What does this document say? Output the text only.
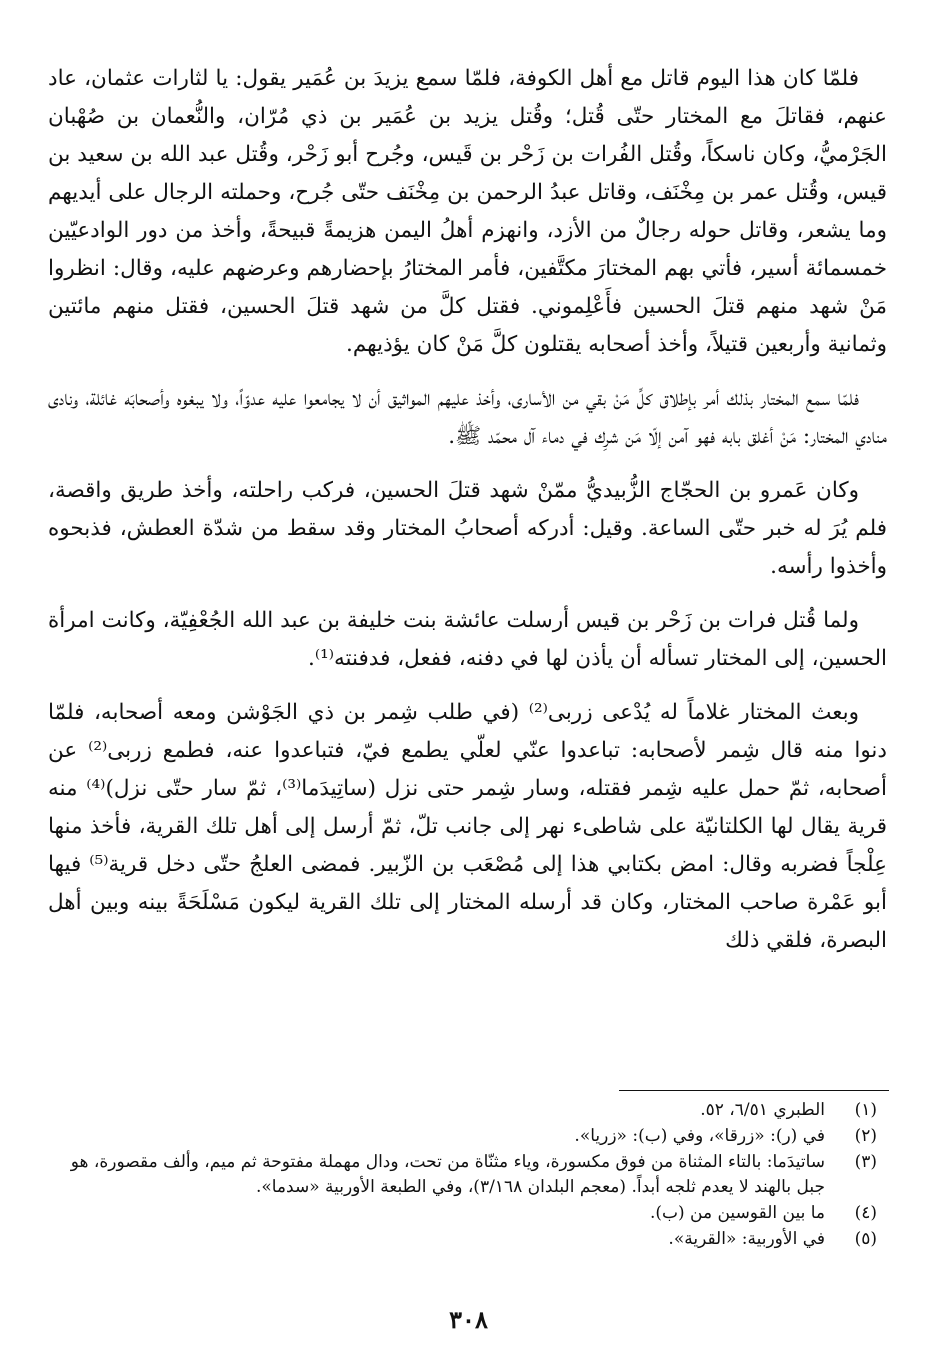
فلمّا كان هذا اليوم قاتل مع أهل الكوفة، فلمّا سمع يزيدَ بن عُمَير يقول: يا لثارات عثمان، عاد عنهم، فقاتلَ مع المختار حتّى قُتل؛ وقُتل يزيد بن عُمَير بن ذي مُرّان، والنُّعمان بن صُهْبان الجَرْميُّ، وكان ناسكاً، وقُتل الفُرات بن زَحْر بن قَيس، وجُرح أبو زَحْر، وقُتل عبد الله بن سعيد بن قيس، وقُتل عمر بن مِخْنَف، وقاتل عبدُ الرحمن بن مِخْنَف حتّى جُرح، وحملته الرجال على أيديهم وما يشعر، وقاتل حوله رجالٌ من الأزد، وانهزم أهلُ اليمن هزيمةً قبيحةً، وأخذ من دور الوادعيّين خمسمائة أسير، فأتي بهم المختارَ مكتَّفين، فأمر المختارُ بإحضارهم وعرضهم عليه، وقال: انظروا مَنْ شهد منهم قتلَ الحسين فأَعْلِموني. فقتل كلَّ من شهد قتلَ الحسين، فقتل منهم مائتين وثمانية وأربعين قتيلاً، وأخذ أصحابه يقتلون كلَّ مَنْ كان يؤذيهم.

فلمّا سمع المختار بذلك أمر بإطلاق كلِّ مَنْ بقي من الأسارى، وأخذ عليهم المواثيق أن لا يجامعوا عليه عدوّاً، ولا يبغوه وأصحابَه غائلة، ونادى منادي المختار: مَنْ أغلق بابه فهو آمن إلّا مَن شرِك في دماء آل محمّد ﷺ.

وكان عَمرو بن الحجّاج الزُّبيديُّ ممّنْ شهد قتلَ الحسين، فركب راحلته، وأخذ طريق واقصة، فلم يُرَ له خبر حتّى الساعة. وقيل: أدركه أصحابُ المختار وقد سقط من شدّة العطش، فذبحوه وأخذوا رأسه.

ولما قُتل فرات بن زَحْر بن قيس أرسلت عائشة بنت خليفة بن عبد الله الجُعْفِيّة، وكانت امرأة الحسين، إلى المختار تسأله أن يأذن لها في دفنه، ففعل، فدفنته⁽¹⁾.

وبعث المختار غلاماً له يُدْعى زربى⁽²⁾ (في طلب شِمر بن ذي الجَوْشن ومعه أصحابه، فلمّا دنوا منه قال شِمر لأصحابه: تباعدوا عنّي لعلّي يطمع فيّ، فتباعدوا عنه، فطمع زربى⁽²⁾ عن أصحابه، ثمّ حمل عليه شِمر فقتله، وسار شِمر حتى نزل (ساتِيدَما⁽³⁾، ثمّ سار حتّى نزل)⁽⁴⁾ منه قرية يقال لها الكلتانيّة على شاطىء نهر إلى جانب تلّ، ثمّ أرسل إلى أهل تلك القرية، فأخذ منها عِلْجاً فضربه وقال: امض بكتابي هذا إلى مُصْعَب بن الزّبير. فمضى العلجُ حتّى دخل قرية⁽⁵⁾ فيها أبو عَمْرة صاحب المختار، وكان قد أرسله المختار إلى تلك القرية ليكون مَسْلَحَةً بينه وبين أهل البصرة، فلقي ذلك

(١)
الطبري ٦/٥١، ٥٢.
(٢)
في (ر): «زرقا»، وفي (ب): «زريا».
(٣)
ساتيدَما: بالتاء المثناة من فوق مكسورة، وياء مثنّاة من تحت، ودال مهملة مفتوحة ثم ميم، وألف مقصورة، هو جبل بالهند لا يعدم ثلجه أبداً. (معجم البلدان ٣/١٦٨)، وفي الطبعة الأوربية «سدما».
(٤)
ما بين القوسين من (ب).
(٥)
في الأوربية: «القرية».
٣٠٨
